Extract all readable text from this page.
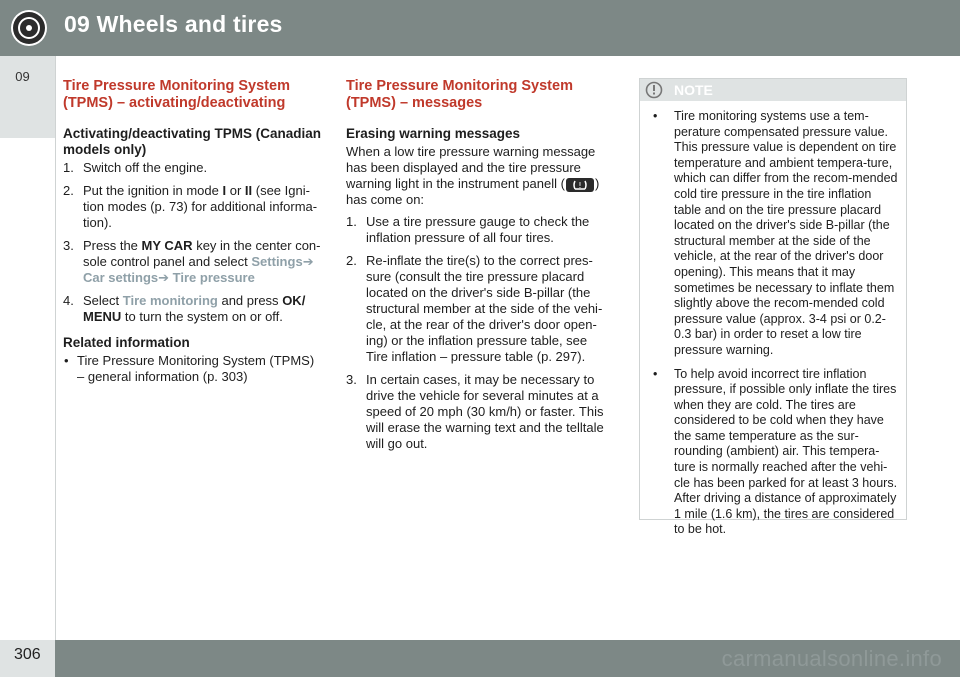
09 Wheels and tires
09
Tire Pressure Monitoring System (TPMS) – activating/deactivating
Activating/deactivating TPMS (Canadian models only)
1. Switch off the engine.
2. Put the ignition in mode I or II (see Igni-tion modes (p. 73) for additional informa-tion).
3. Press the MY CAR key in the center con-sole control panel and select Settings➔
Car settings➔ Tire pressure
4. Select Tire monitoring and press OK/ MENU to turn the system on or off.
Related information
• Tire Pressure Monitoring System (TPMS) – general information (p. 303)
Tire Pressure Monitoring System (TPMS) – messages
Erasing warning messages

When a low tire pressure warning message has been displayed and the tire pressure warning light in the instrument panell ( ! ) has come on:

1. Use a tire pressure gauge to check the inflation pressure of all four tires.
2. Re-inflate the tire(s) to the correct pres-sure (consult the tire pressure placard located on the driver's side B-pillar (the structural member at the side of the vehi-cle, at the rear of the driver's door open-ing) or the inflation pressure table, see Tire inflation – pressure table (p. 297).
3. In certain cases, it may be necessary to drive the vehicle for several minutes at a speed of 20 mph (30 km/h) or faster. This will erase the warning text and the telltale will go out.
NOTE
• Tire monitoring systems use a tem-perature compensated pressure value. This pressure value is dependent on tire temperature and ambient tempera-ture, which can differ from the recom-mended cold tire pressure in the tire inflation table and on the tire pressure placard located on the driver's side B-pillar (the structural member at the side of the vehicle, at the rear of the driver's door opening). This means that it may sometimes be necessary to inflate them slightly above the recom-mended cold pressure value (approx. 3-4 psi or 0.2-0.3 bar) in order to reset a low tire pressure warning.
• To help avoid incorrect tire inflation pressure, if possible only inflate the tires when they are cold. The tires are considered to be cold when they have the same temperature as the sur-rounding (ambient) air. This tempera-ture is normally reached after the vehi-cle has been parked for at least 3 hours. After driving a distance of approximately 1 mile (1.6 km), the tires are considered to be hot.
306	carmanualsonline.info
